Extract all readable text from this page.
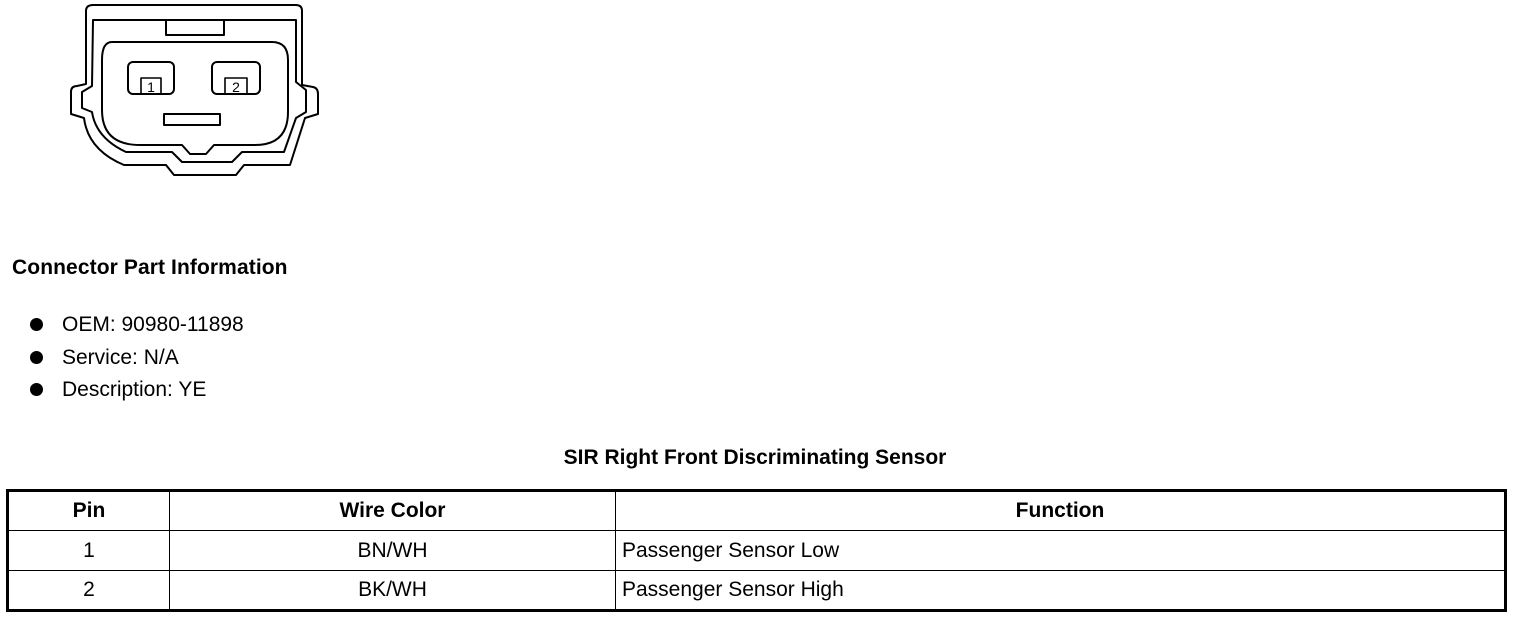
1	2
Connector Part Information
OEM: 90980-11898
Service: N/A
Description: YE
SIR Right Front Discriminating Sensor
Pin	Wire Color	Function
1	BN/WH	Passenger Sensor Low
2	BK/WH	Passenger Sensor High
